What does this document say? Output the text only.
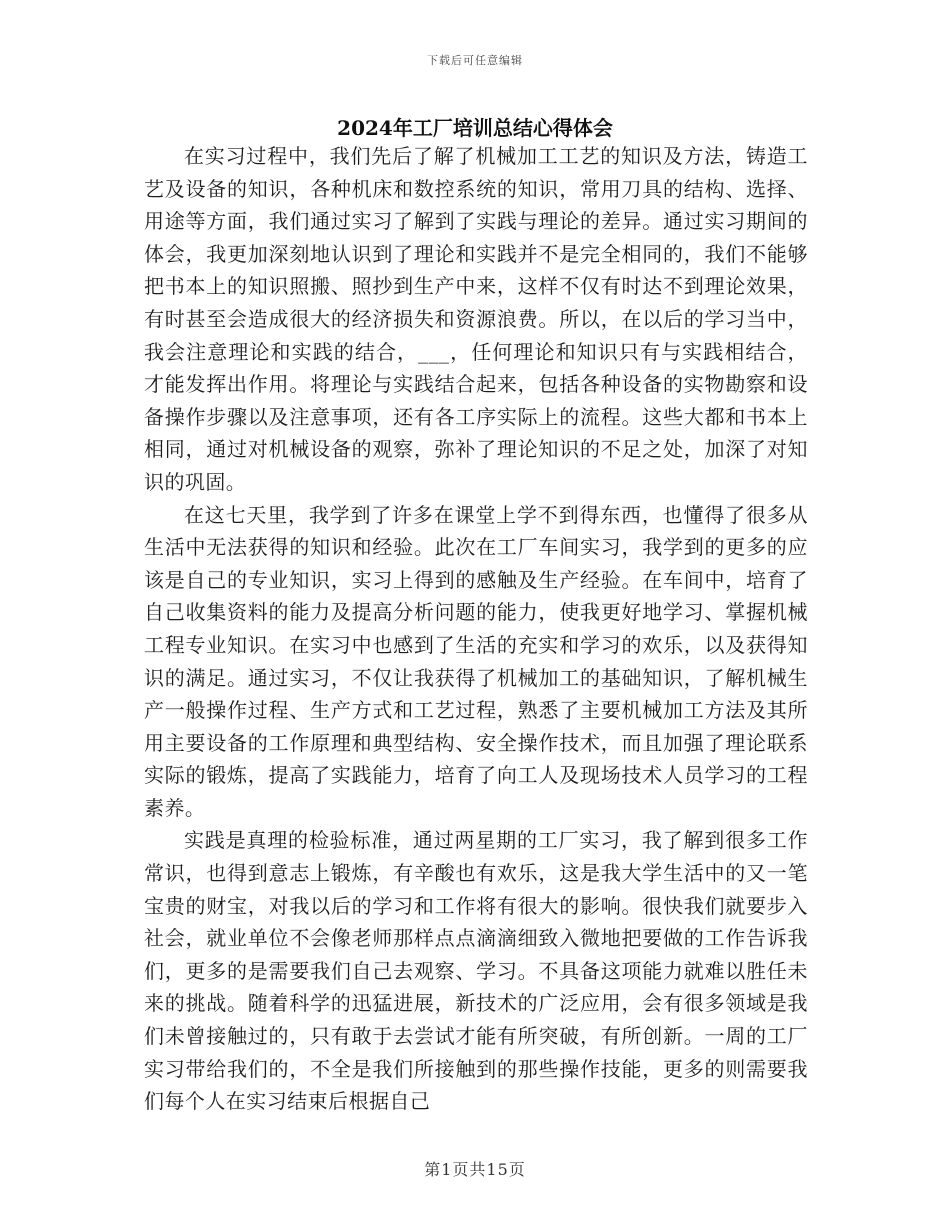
下载后可任意编辑
2024年工厂培训总结心得体会

在实习过程中，我们先后了解了机械加工工艺的知识及方法，铸造工艺及设备的知识，各种机床和数控系统的知识，常用刀具的结构、选择、用途等方面，我们通过实习了解到了实践与理论的差异。通过实习期间的体会，我更加深刻地认识到了理论和实践并不是完全相同的，我们不能够把书本上的知识照搬、照抄到生产中来，这样不仅有时达不到理论效果，有时甚至会造成很大的经济损失和资源浪费。所以，在以后的学习当中，我会注意理论和实践的结合，___，任何理论和知识只有与实践相结合，才能发挥出作用。将理论与实践结合起来，包括各种设备的实物勘察和设备操作步骤以及注意事项，还有各工序实际上的流程。这些大都和书本上相同，通过对机械设备的观察，弥补了理论知识的不足之处，加深了对知识的巩固。

在这七天里，我学到了许多在课堂上学不到得东西，也懂得了很多从生活中无法获得的知识和经验。此次在工厂车间实习，我学到的更多的应该是自己的专业知识，实习上得到的感触及生产经验。在车间中，培育了自己收集资料的能力及提高分析问题的能力，使我更好地学习、掌握机械工程专业知识。在实习中也感到了生活的充实和学习的欢乐，以及获得知识的满足。通过实习，不仅让我获得了机械加工的基础知识，了解机械生产一般操作过程、生产方式和工艺过程，熟悉了主要机械加工方法及其所用主要设备的工作原理和典型结构、安全操作技术，而且加强了理论联系实际的锻炼，提高了实践能力，培育了向工人及现场技术人员学习的工程素养。

实践是真理的检验标准，通过两星期的工厂实习，我了解到很多工作常识，也得到意志上锻炼，有辛酸也有欢乐，这是我大学生活中的又一笔宝贵的财宝，对我以后的学习和工作将有很大的影响。很快我们就要步入社会，就业单位不会像老师那样点点滴滴细致入微地把要做的工作告诉我们，更多的是需要我们自己去观察、学习。不具备这项能力就难以胜任未来的挑战。随着科学的迅猛进展，新技术的广泛应用，会有很多领域是我们未曾接触过的，只有敢于去尝试才能有所突破，有所创新。一周的工厂实习带给我们的，不全是我们所接触到的那些操作技能，更多的则需要我们每个人在实习结束后根据自己

第1页共15页
